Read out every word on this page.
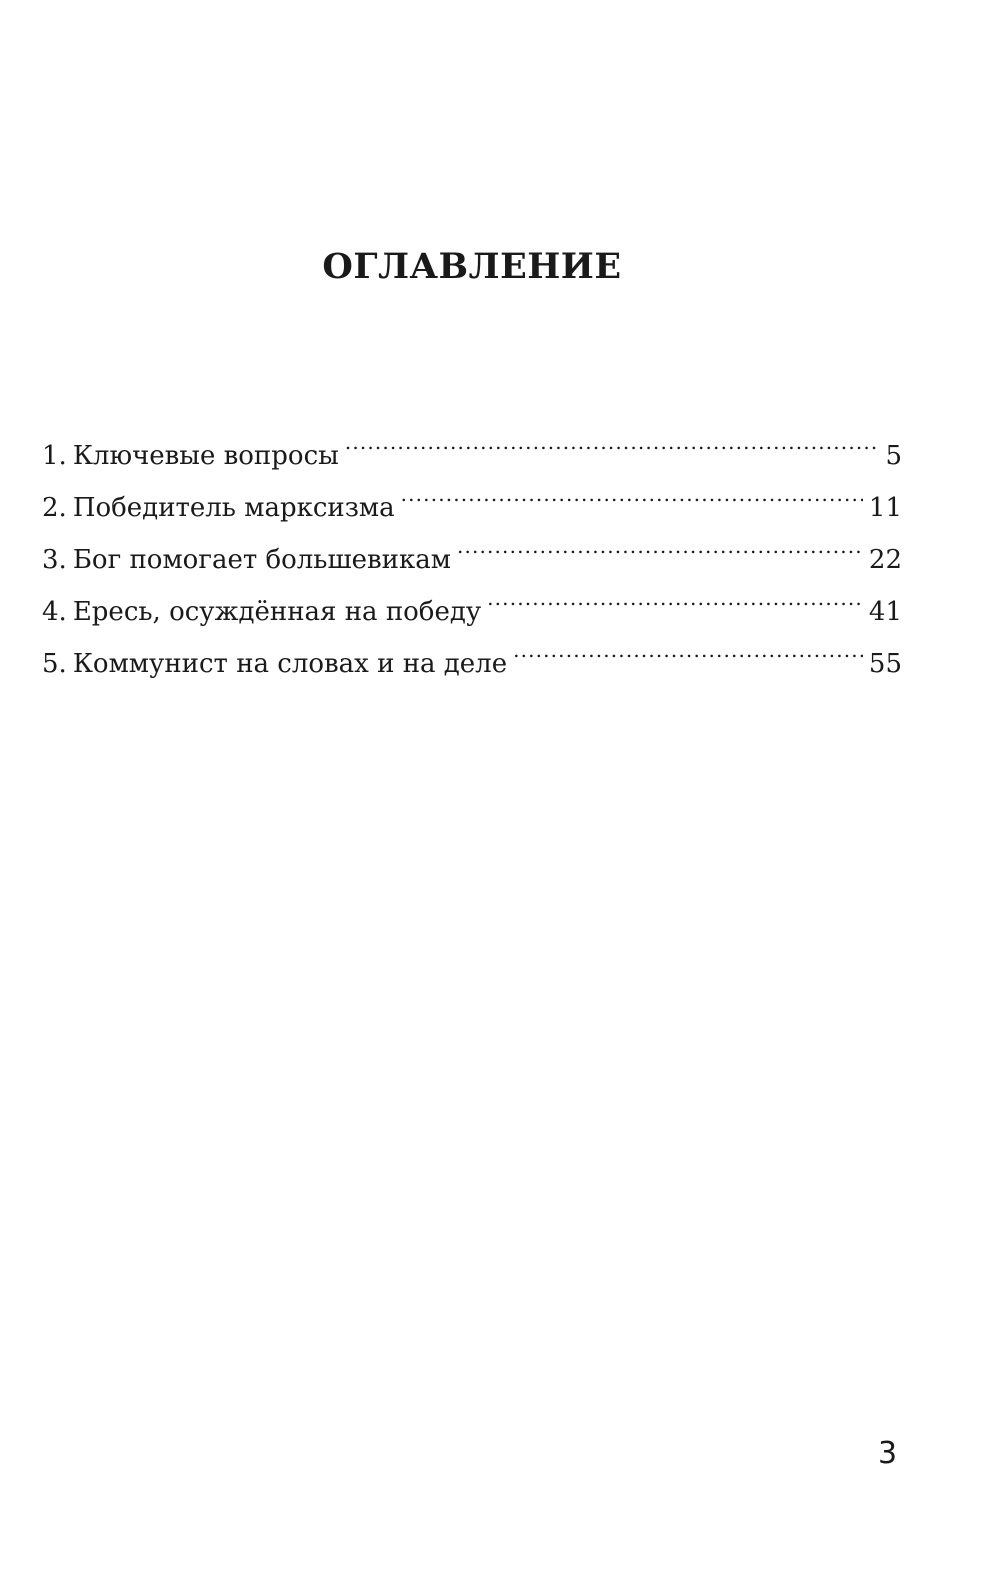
ОГЛАВЛЕНИЕ
1. Ключевые вопросы . . .	5
2. Победитель марксизма . . .	11
3. Бог помогает большевикам . . .	22
4. Ересь, осуждённая на победу . . .	41
5. Коммунист на словах и на деле . . .	55
3
